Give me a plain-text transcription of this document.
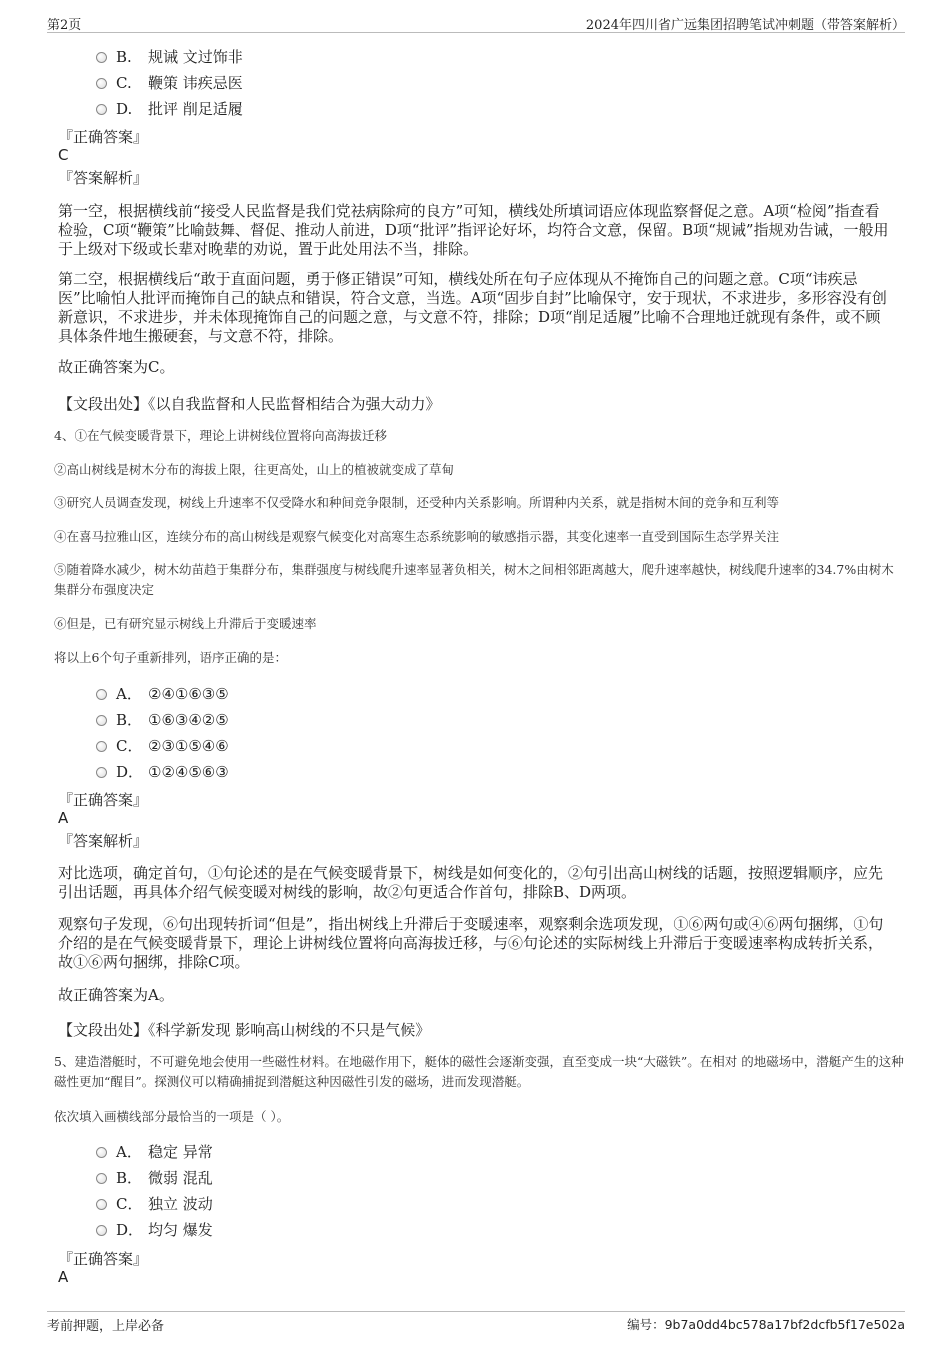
第2页	2024年四川省广远集团招聘笔试冲刺题（带答案解析）
B. 规诫 文过饰非
C. 鞭策 讳疾忌医
D. 批评 削足适履
『正确答案』
C
『答案解析』
第一空，根据横线前“接受人民监督是我们党祛病除疴的良方”可知，横线处所填词语应体现监察督促之意。A项“检阅”指查看检验，C项“鞭策”比喻鼓舞、督促、推动人前进，D项“批评”指评论好坏，均符合文意，保留。B项“规诫”指规劝告诫，一般用于上级对下级或长辈对晚辈的劝说，置于此处用法不当，排除。
第二空，根据横线后“敢于直面问题，勇于修正错误”可知，横线处所在句子应体现从不掩饰自己的问题之意。C项“讳疾忌医”比喻怕人批评而掩饰自己的缺点和错误，符合文意，当选。A项“固步自封”比喻保守，安于现状，不求进步，多形容没有创新意识，不求进步，并未体现掩饰自己的问题之意，与文意不符，排除；D项“削足适履”比喻不合理地迁就现有条件，或不顾具体条件地生搬硬套，与文意不符，排除。
故正确答案为C。
【文段出处】《以自我监督和人民监督相结合为强大动力》
4、①在气候变暖背景下，理论上讲树线位置将向高海拔迁移
②高山树线是树木分布的海拔上限，往更高处，山上的植被就变成了草甸
③研究人员调查发现，树线上升速率不仅受降水和种间竞争限制，还受种内关系影响。所谓种内关系，就是指树木间的竞争和互利等
④在喜马拉雅山区，连续分布的高山树线是观察气候变化对高寒生态系统影响的敏感指示器，其变化速率一直受到国际生态学界关注
⑤随着降水减少，树木幼苗趋于集群分布，集群强度与树线爬升速率显著负相关，树木之间相邻距离越大，爬升速率越快，树线爬升速率的34.7%由树木集群分布强度决定
⑥但是，已有研究显示树线上升滞后于变暖速率
将以上6个句子重新排列，语序正确的是：
A． ②④①⑥③⑤
B． ①⑥③④②⑤
C． ②③①⑤④⑥
D． ①②④⑤⑥③
『正确答案』
A
『答案解析』
对比选项，确定首句，①句论述的是在气候变暖背景下，树线是如何变化的，②句引出高山树线的话题，按照逻辑顺序，应先引出话题，再具体介绍气候变暖对树线的影响，故②句更适合作首句，排除B、D两项。
观察句子发现，⑥句出现转折词“但是”，指出树线上升滞后于变暖速率，观察剩余选项发现，①⑥两句或④⑥两句捆绑，①句介绍的是在气候变暖背景下，理论上讲树线位置将向高海拔迁移，与⑥句论述的实际树线上升滞后于变暖速率构成转折关系，故①⑥两句捆绑，排除C项。
故正确答案为A。
【文段出处】《科学新发现 影响高山树线的不只是气候》
5、建造潜艇时，不可避免地会使用一些磁性材料。在地磁作用下，艇体的磁性会逐渐变强，直至变成一块“大磁铁”。在相对 的地磁场中，潜艇产生的这种磁性更加“醒目”。探测仪可以精确捕捉到潜艇这种因磁性引发的磁场，进而发现潜艇。
依次填入画横线部分最恰当的一项是（ ）。
A． 稳定 异常
B． 微弱 混乱
C． 独立 波动
D． 均匀 爆发
『正确答案』
A
考前押题，上岸必备	编号：9b7a0dd4bc578a17bf2dcfb5f17e502a
